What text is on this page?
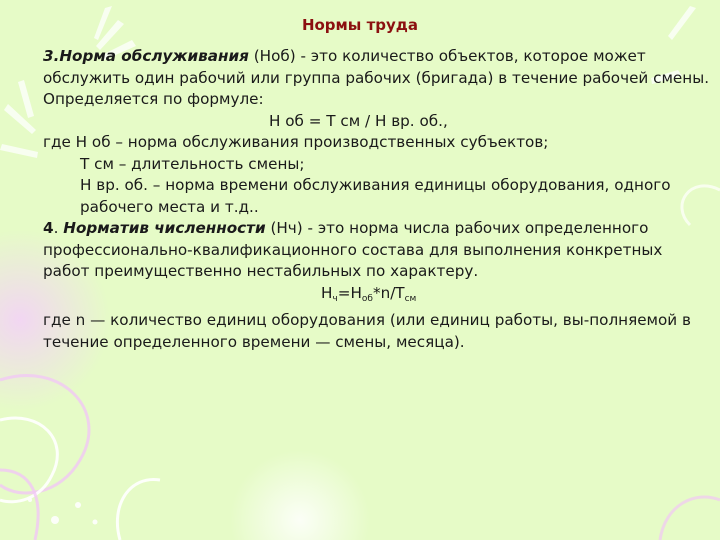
Нормы труда

3.Норма обслуживания (Ноб) - это количество объектов, которое может обслужить один рабочий или группа рабочих (бригада) в течение рабочей смены. Определяется по формуле:

Н об = Т см / Н вр. об.,

где Н об – норма обслуживания производственных субъектов;

Т см – длительность смены;

Н вр. об. – норма времени обслуживания единицы оборудования, одного рабочего места и т.д..

4. Норматив численности (Нч) - это норма числа рабочих определенного профессионально-квалификационного состава для выполнения конкретных работ преимущественно нестабильных по характеру.

$Н_ч=Н_{об}*n/Т_{см}$

где n — количество единиц оборудования (или единиц работы, вы-полняемой в течение определенного времени — смены, месяца).
